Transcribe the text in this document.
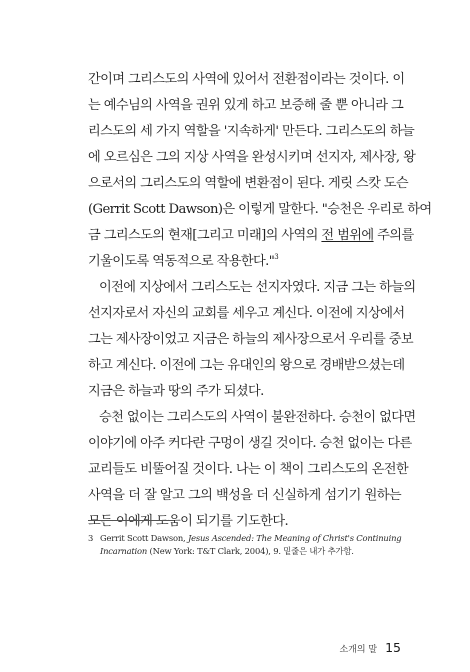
간이며 그리스도의 사역에 있어서 전환점이라는 것이다. 이
는 예수님의 사역을 권위 있게 하고 보증해 줄 뿐 아니라 그
리스도의 세 가지 역할을 '지속하게' 만든다. 그리스도의 하늘
에 오르심은 그의 지상 사역을 완성시키며 선지자, 제사장, 왕
으로서의 그리스도의 역할에 변환점이 된다. 게릿 스캇 도슨
(Gerrit Scott Dawson)은 이렇게 말한다. "승천은 우리로 하여
금 그리스도의 현재[그리고 미래]의 사역의 전 범위에 주의를
기울이도록 역동적으로 작용한다."$^3$
이전에 지상에서 그리스도는 선지자였다. 지금 그는 하늘의
선지자로서 자신의 교회를 세우고 계신다. 이전에 지상에서
그는 제사장이었고 지금은 하늘의 제사장으로서 우리를 중보
하고 계신다. 이전에 그는 유대인의 왕으로 경배받으셨는데
지금은 하늘과 땅의 주가 되셨다.
승천 없이는 그리스도의 사역이 불완전하다. 승천이 없다면
이야기에 아주 커다란 구멍이 생길 것이다. 승천 없이는 다른
교리들도 비뚤어질 것이다. 나는 이 책이 그리스도의 온전한
사역을 더 잘 알고 그의 백성을 더 신실하게 섬기기 원하는
모든 이에게 도움이 되기를 기도한다.
3 Gerrit Scott Dawson, Jesus Ascended: The Meaning of Christ's Continuing
Incarnation (New York: T&T Clark, 2004), 9. 밑줄은 내가 추가함.
소개의 말 15
